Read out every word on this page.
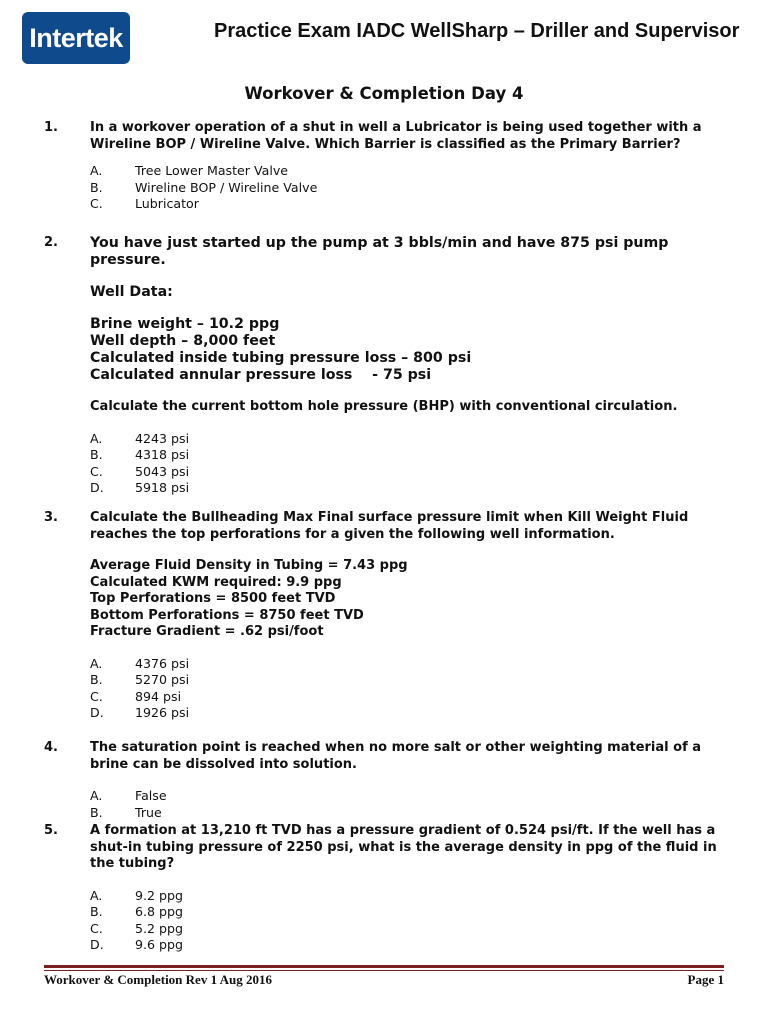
Intertek	Practice Exam IADC WellSharp – Driller and Supervisor
Workover & Completion Day 4
1. In a workover operation of a shut in well a Lubricator is being used together with a Wireline BOP / Wireline Valve. Which Barrier is classified as the Primary Barrier?
A.	Tree Lower Master Valve
B.	Wireline BOP / Wireline Valve
C.	Lubricator
2. You have just started up the pump at 3 bbls/min and have 875 psi pump pressure.
Well Data:
Brine weight – 10.2 ppg
Well depth – 8,000 feet
Calculated inside tubing pressure loss – 800 psi
Calculated annular pressure loss    - 75 psi
Calculate the current bottom hole pressure (BHP) with conventional circulation.
A.	4243 psi
B.	4318 psi
C.	5043 psi
D.	5918 psi
3. Calculate the Bullheading Max Final surface pressure limit when Kill Weight Fluid reaches the top perforations for a given the following well information.
Average Fluid Density in Tubing = 7.43 ppg
Calculated KWM required: 9.9 ppg
Top Perforations = 8500 feet TVD
Bottom Perforations = 8750 feet TVD
Fracture Gradient = .62 psi/foot
A.	4376 psi
B.	5270 psi
C.	894 psi
D.	1926 psi
4. The saturation point is reached when no more salt or other weighting material of a brine can be dissolved into solution.
A.	False
B.	True
5. A formation at 13,210 ft TVD has a pressure gradient of 0.524 psi/ft. If the well has a shut-in tubing pressure of 2250 psi, what is the average density in ppg of the fluid in the tubing?
A.	9.2 ppg
B.	6.8 ppg
C.	5.2 ppg
D.	9.6 ppg
Workover & Completion Rev 1 Aug 2016	Page 1
